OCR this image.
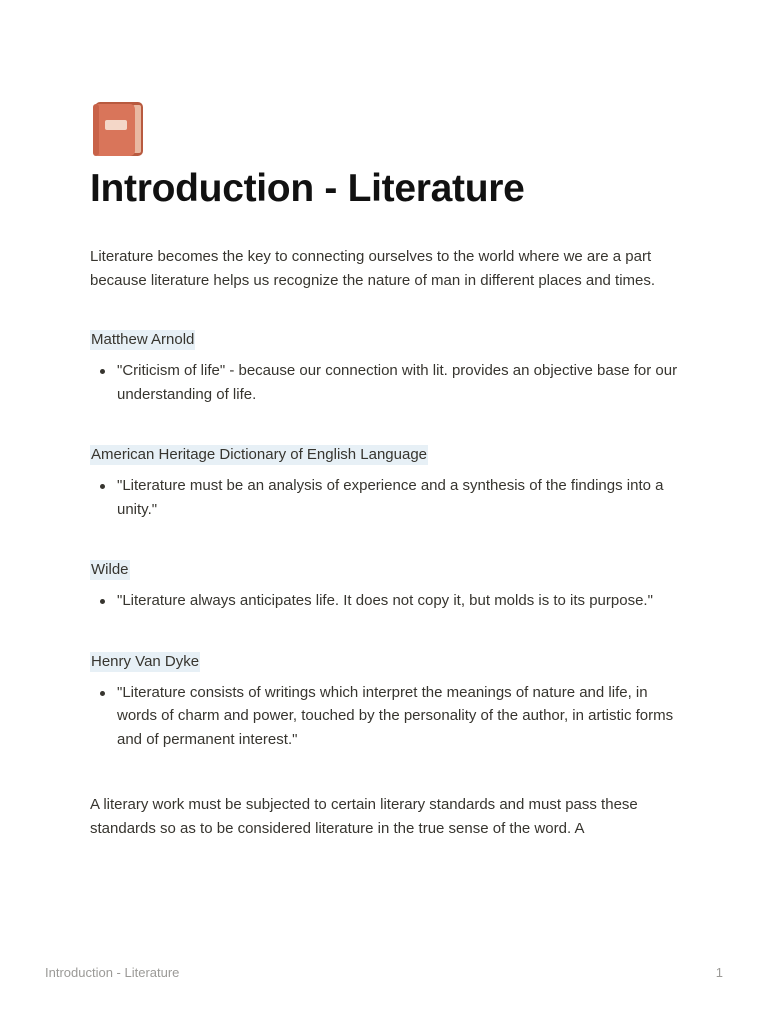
Introduction - Literature

Literature becomes the key to connecting ourselves to the world where we are a part because literature helps us recognize the nature of man in different places and times.

Matthew Arnold
"Criticism of life" - because our connection with lit. provides an objective base for our understanding of life.
American Heritage Dictionary of English Language
"Literature must be an analysis of experience and a synthesis of the findings into a unity."
Wilde
"Literature always anticipates life. It does not copy it, but molds is to its purpose."
Henry Van Dyke
"Literature consists of writings which interpret the meanings of nature and life, in words of charm and power, touched by the personality of the author, in artistic forms and of permanent interest."

A literary work must be subjected to certain literary standards and must pass these standards so as to be considered literature in the true sense of the word. A

Introduction - Literature	1
